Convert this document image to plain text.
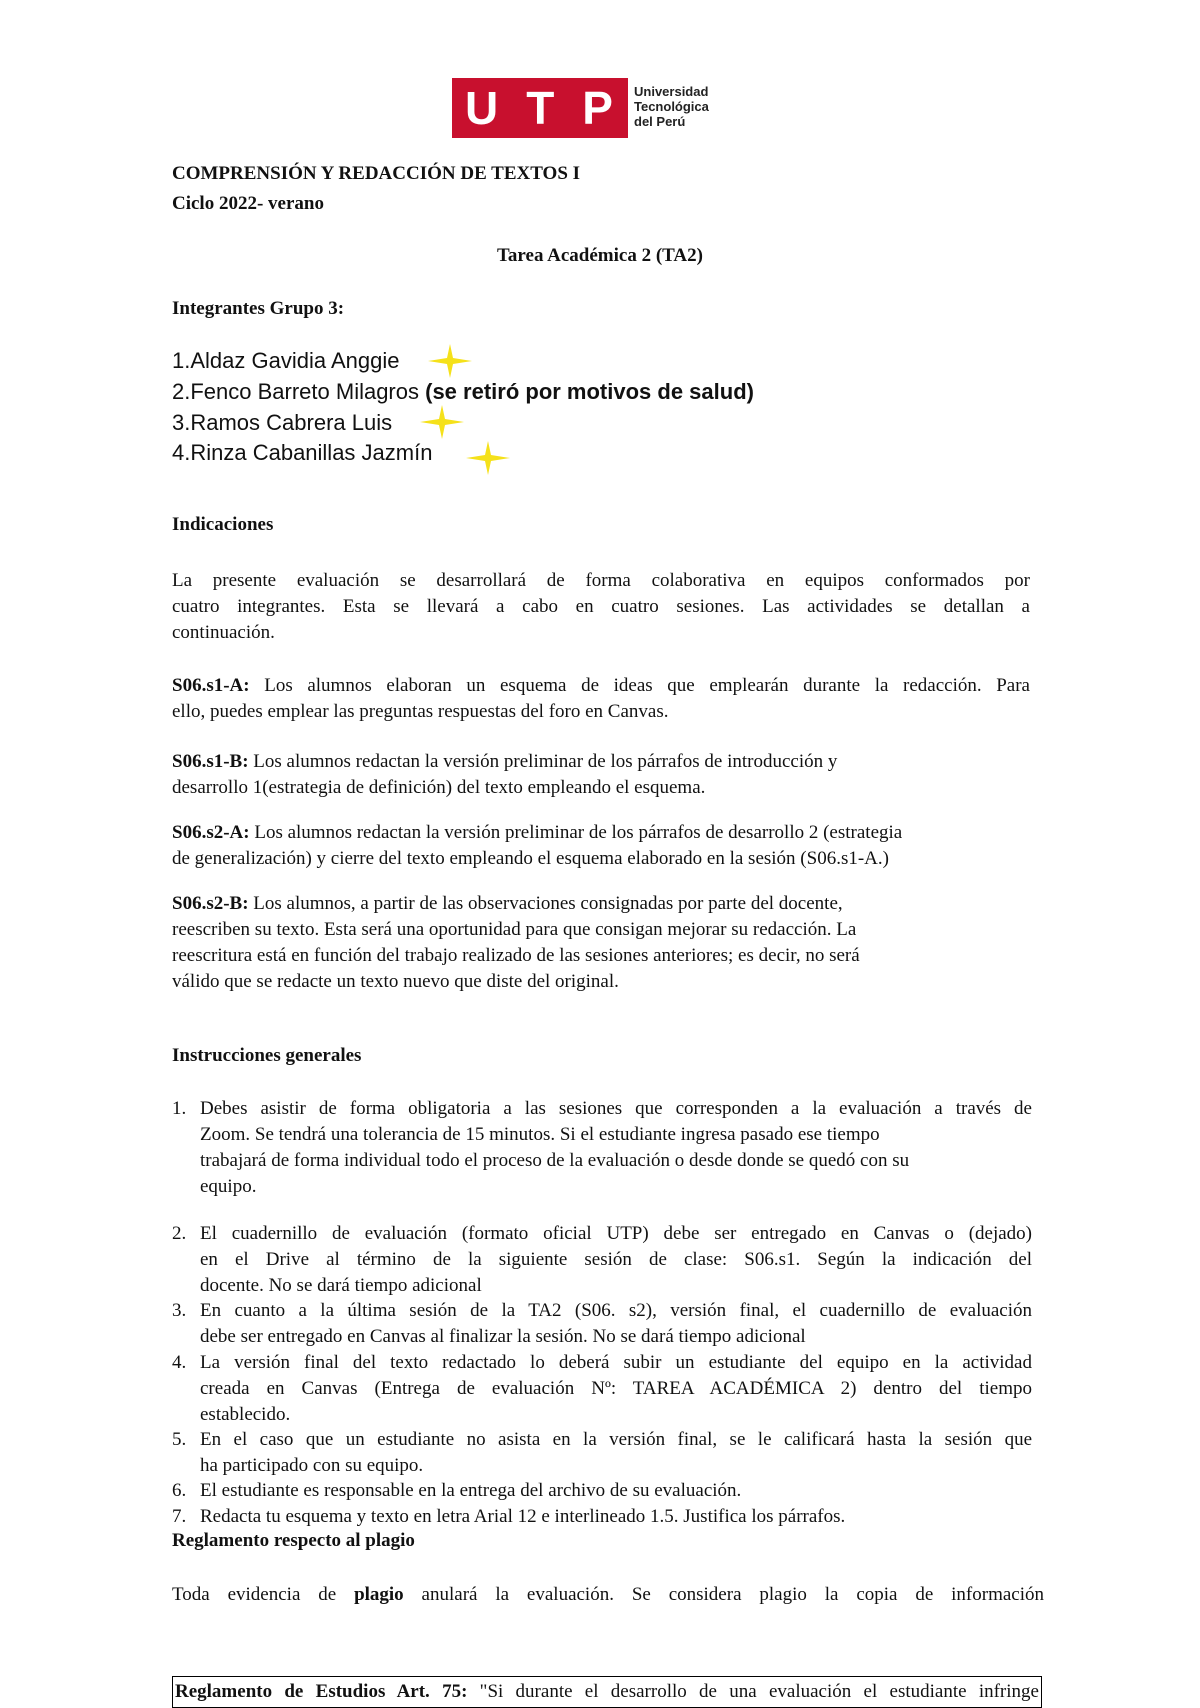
U T P Universidad
Tecnológica
del Perú
COMPRENSIÓN Y REDACCIÓN DE TEXTOS I
Ciclo 2022- verano
Tarea Académica 2 (TA2)
Integrantes Grupo 3:
1.Aldaz Gavidia Anggie
2.Fenco Barreto Milagros (se retiró por motivos de salud)
3.Ramos Cabrera Luis
4.Rinza Cabanillas Jazmín
Indicaciones
La presente evaluación se desarrollará de forma colaborativa en equipos conformados por
cuatro integrantes. Esta se llevará a cabo en cuatro sesiones. Las actividades se detallan a
continuación.
S06.s1-A: Los alumnos elaboran un esquema de ideas que emplearán durante la redacción. Para
ello, puedes emplear las preguntas respuestas del foro en Canvas.
S06.s1-B: Los alumnos redactan la versión preliminar de los párrafos de introducción y
desarrollo 1(estrategia de definición) del texto empleando el esquema.
S06.s2-A: Los alumnos redactan la versión preliminar de los párrafos de desarrollo 2 (estrategia
de generalización) y cierre del texto empleando el esquema elaborado en la sesión (S06.s1-A.)
S06.s2-B: Los alumnos, a partir de las observaciones consignadas por parte del docente,
reescriben su texto. Esta será una oportunidad para que consigan mejorar su redacción. La
reescritura está en función del trabajo realizado de las sesiones anteriores; es decir, no será
válido que se redacte un texto nuevo que diste del original.
Instrucciones generales
1. Debes asistir de forma obligatoria a las sesiones que corresponden a la evaluación a través de
Zoom. Se tendrá una tolerancia de 15 minutos. Si el estudiante ingresa pasado ese tiempo
trabajará de forma individual todo el proceso de la evaluación o desde donde se quedó con su
equipo.
2. El cuadernillo de evaluación (formato oficial UTP) debe ser entregado en Canvas o (dejado)
en el Drive al término de la siguiente sesión de clase: S06.s1. Según la indicación del
docente. No se dará tiempo adicional
3. En cuanto a la última sesión de la TA2 (S06. s2), versión final, el cuadernillo de evaluación
debe ser entregado en Canvas al finalizar la sesión. No se dará tiempo adicional
4. La versión final del texto redactado lo deberá subir un estudiante del equipo en la actividad
creada en Canvas (Entrega de evaluación Nº: TAREA ACADÉMICA 2) dentro del tiempo
establecido.
5. En el caso que un estudiante no asista en la versión final, se le calificará hasta la sesión que
ha participado con su equipo.
6. El estudiante es responsable en la entrega del archivo de su evaluación.
7. Redacta tu esquema y texto en letra Arial 12 e interlineado 1.5. Justifica los párrafos.
Reglamento respecto al plagio
Toda evidencia de plagio anulará la evaluación. Se considera plagio la copia de información
Reglamento de Estudios Art. 75: "Si durante el desarrollo de una evaluación el estudiante infringe
